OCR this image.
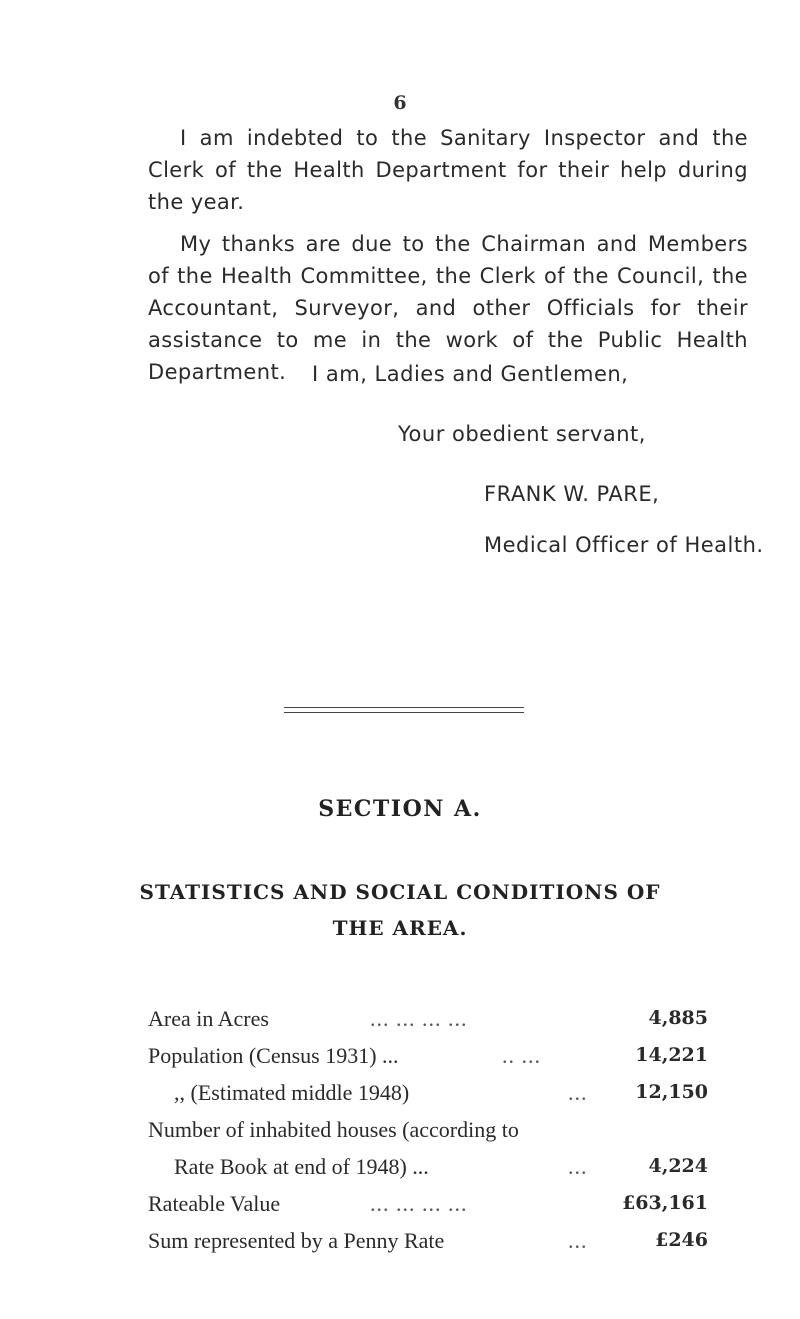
6

I am indebted to the Sanitary Inspector and the Clerk of the Health Department for their help during the year.

My thanks are due to the Chairman and Members of the Health Committee, the Clerk of the Council, the Accountant, Surveyor, and other Officials for their assistance to me in the work of the Public Health Department.	I am, Ladies and Gentlemen,
Your obedient servant,
FRANK W. PARE,
Medical Officer of Health.
SECTION A.
STATISTICS AND SOCIAL CONDITIONS OF
THE AREA.
Area in Acres	... ... ... ...	4,885
Population (Census 1931) ...	.. ...	14,221
,, (Estimated middle 1948)	...	12,150
Number of inhabited houses (according to
Rate Book at end of 1948) ...	...	4,224
Rateable Value	... ... ... ...	£63,161
Sum represented by a Penny Rate	...	£246
